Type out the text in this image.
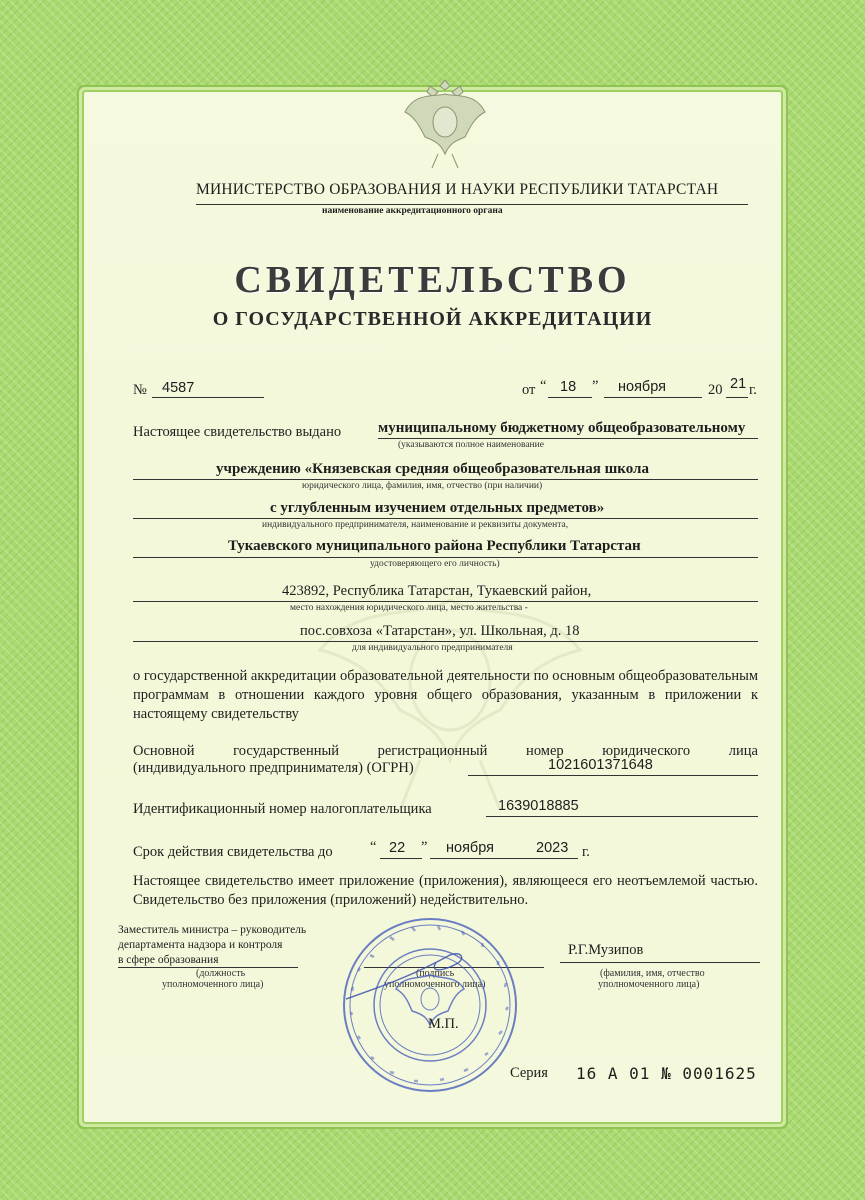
МИНИСТЕРСТВО ОБРАЗОВАНИЯ И НАУКИ РЕСПУБЛИКИ ТАТАРСТАН
наименование аккредитационного органа
СВИДЕТЕЛЬСТВО
О ГОСУДАРСТВЕННОЙ АККРЕДИТАЦИИ
№ 4587	от “ 18 ” ноября	20 21 г.
Настоящее свидетельство выдано муниципальному бюджетному общеобразовательному
(указываются полное наименование
учреждению «Князевская средняя общеобразовательная школа
юридического лица, фамилия, имя, отчество (при наличии)
с углубленным изучением отдельных предметов»
индивидуального предпринимателя, наименование и реквизиты документа,
Тукаевского муниципального района Республики Татарстан
удостоверяющего его личность)
423892, Республика Татарстан, Тукаевский район,
место нахождения юридического лица, место жительства -
пос.совхоза «Татарстан», ул. Школьная, д. 18
для индивидуального предпринимателя
о государственной аккредитации образовательной деятельности по основным общеобразовательным программам в отношении каждого уровня общего образования, указанным в приложении к настоящему свидетельству
Основной государственный регистрационный номер юридического лица
(индивидуального предпринимателя) (ОГРН)	1021601371648
Идентификационный номер налогоплательщика	1639018885
Срок действия свидетельства до	“ 22 ” ноября	2023 г.
Настоящее свидетельство имеет приложение (приложения), являющееся его неотъемлемой частью. Свидетельство без приложения (приложений) недействительно.
Заместитель министра – руководитель
департамента надзора и контроля
в сфере образования
(должность
уполномоченного лица)
(подпись
уполномоченного лица)
Р.Г.Музипов
(фамилия, имя, отчество
уполномоченного лица)
М.П.
Серия 16 А 01 № 0001625
